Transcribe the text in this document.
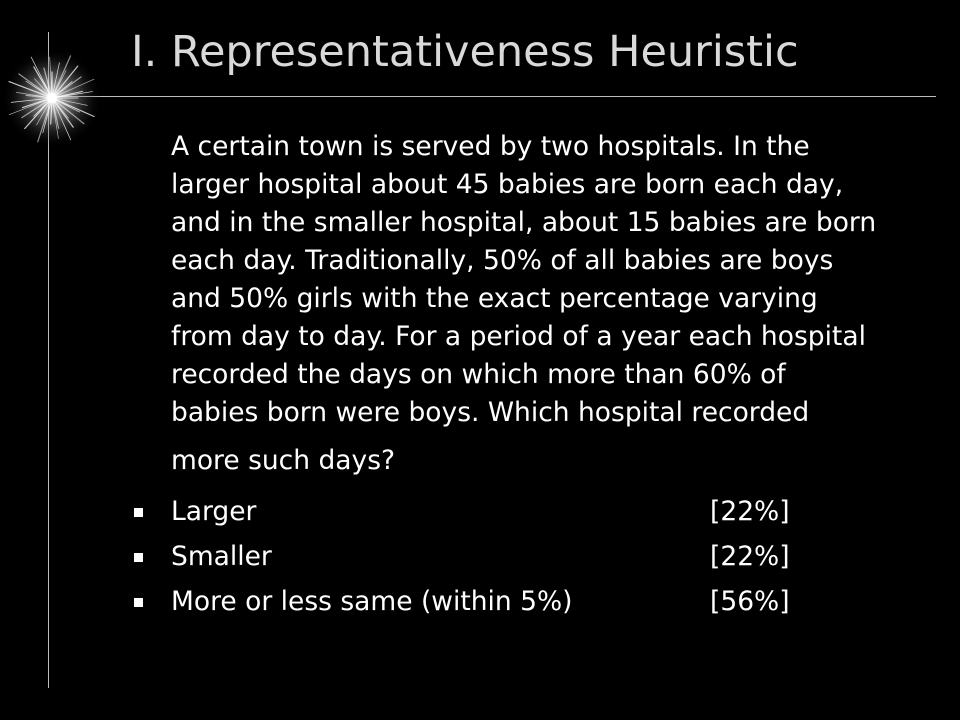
I. Representativeness Heuristic
A certain town is served by two hospitals. In the
larger hospital about 45 babies are born each day,
and in the smaller hospital, about 15 babies are born
each day. Traditionally, 50% of all babies are boys
and 50% girls with the exact percentage varying
from day to day. For a period of a year each hospital
recorded the days on which more than 60% of
babies born were boys. Which hospital recorded
more such days?
Larger	[22%]
Smaller	[22%]
More or less same (within 5%)	[56%]
